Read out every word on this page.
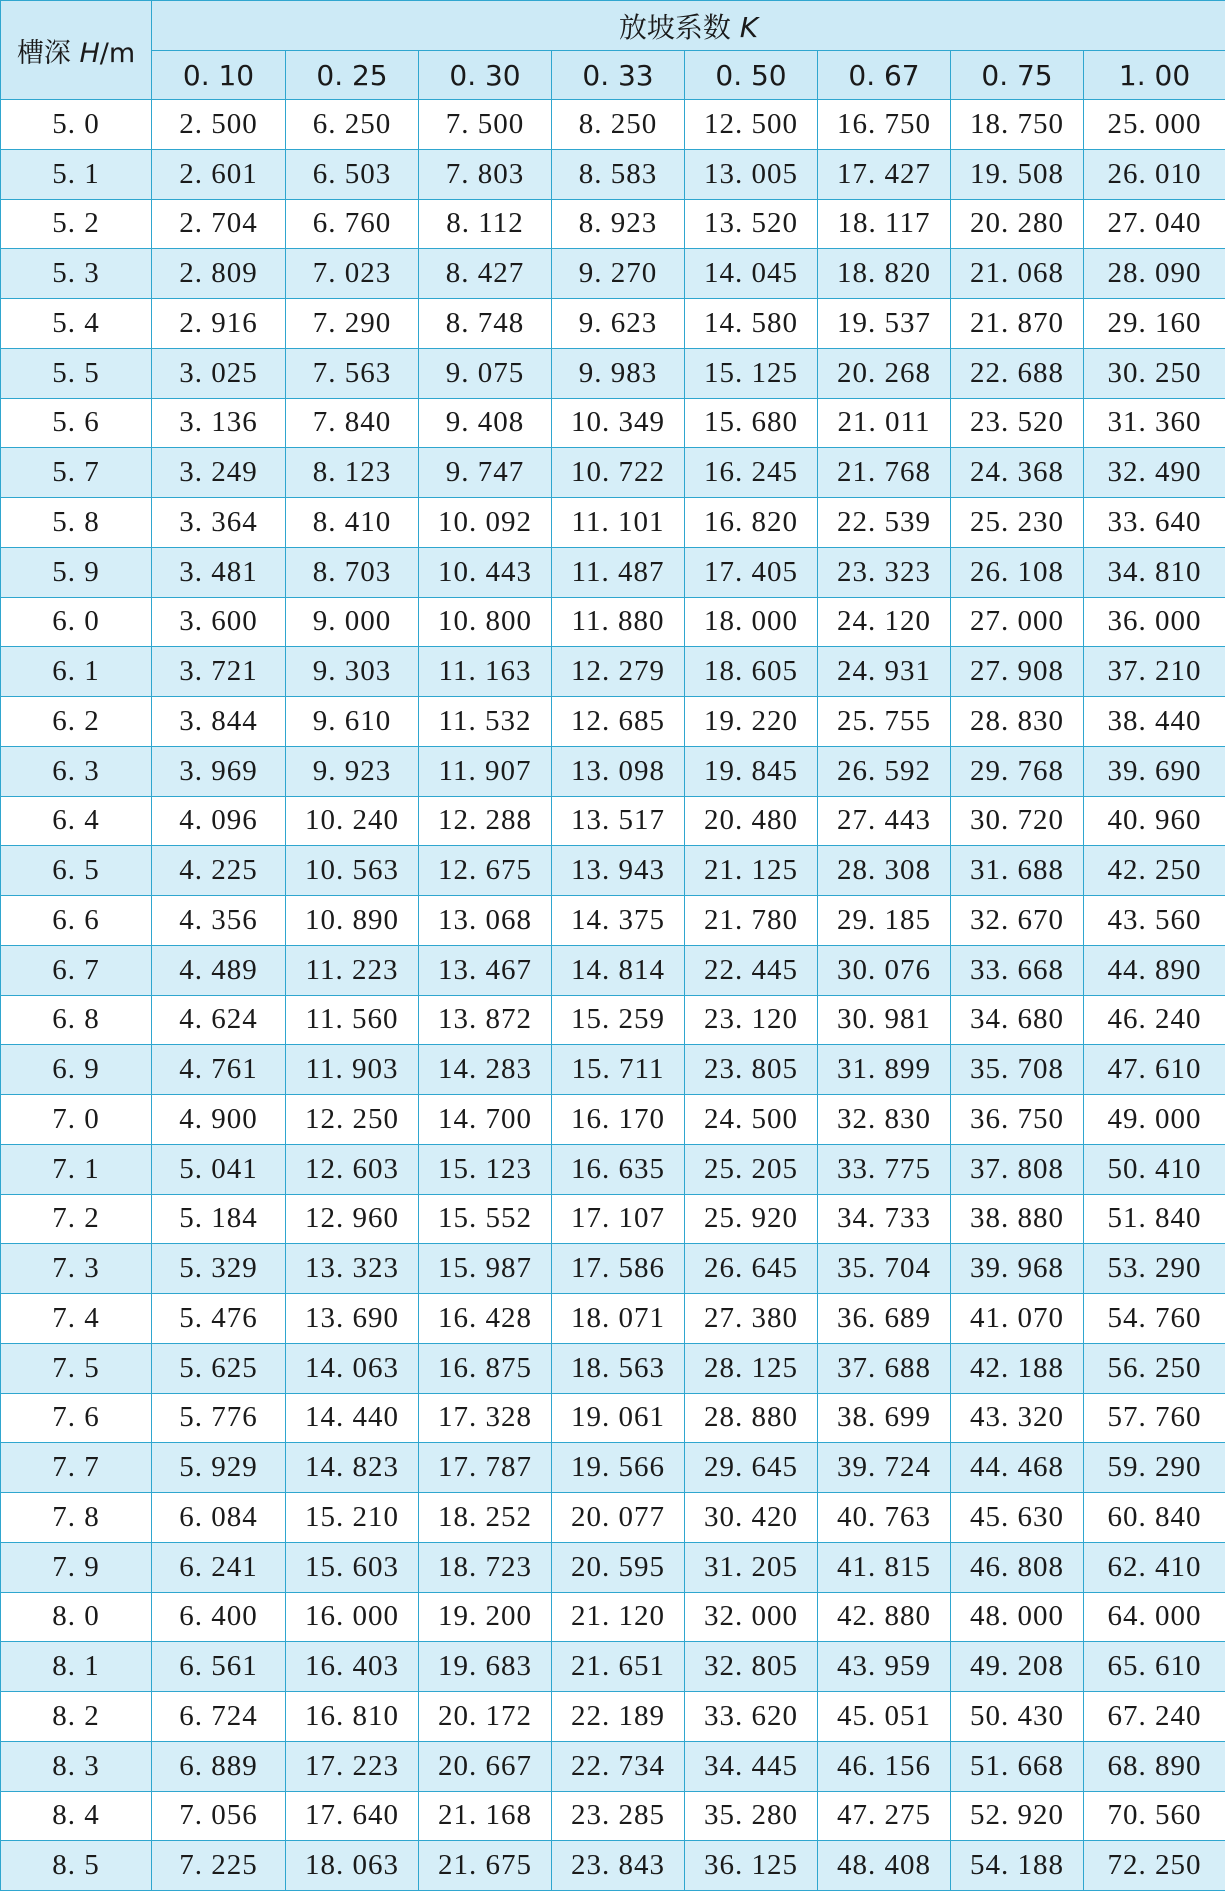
槽深 H/m	放坡系数 K							
	0. 10	0. 25	0. 30	0. 33	0. 50	0. 67	0. 75	1. 00
5. 0	2. 500	6. 250	7. 500	8. 250	12. 500	16. 750	18. 750	25. 000
5. 1	2. 601	6. 503	7. 803	8. 583	13. 005	17. 427	19. 508	26. 010
5. 2	2. 704	6. 760	8. 112	8. 923	13. 520	18. 117	20. 280	27. 040
5. 3	2. 809	7. 023	8. 427	9. 270	14. 045	18. 820	21. 068	28. 090
5. 4	2. 916	7. 290	8. 748	9. 623	14. 580	19. 537	21. 870	29. 160
5. 5	3. 025	7. 563	9. 075	9. 983	15. 125	20. 268	22. 688	30. 250
5. 6	3. 136	7. 840	9. 408	10. 349	15. 680	21. 011	23. 520	31. 360
5. 7	3. 249	8. 123	9. 747	10. 722	16. 245	21. 768	24. 368	32. 490
5. 8	3. 364	8. 410	10. 092	11. 101	16. 820	22. 539	25. 230	33. 640
5. 9	3. 481	8. 703	10. 443	11. 487	17. 405	23. 323	26. 108	34. 810
6. 0	3. 600	9. 000	10. 800	11. 880	18. 000	24. 120	27. 000	36. 000
6. 1	3. 721	9. 303	11. 163	12. 279	18. 605	24. 931	27. 908	37. 210
6. 2	3. 844	9. 610	11. 532	12. 685	19. 220	25. 755	28. 830	38. 440
6. 3	3. 969	9. 923	11. 907	13. 098	19. 845	26. 592	29. 768	39. 690
6. 4	4. 096	10. 240	12. 288	13. 517	20. 480	27. 443	30. 720	40. 960
6. 5	4. 225	10. 563	12. 675	13. 943	21. 125	28. 308	31. 688	42. 250
6. 6	4. 356	10. 890	13. 068	14. 375	21. 780	29. 185	32. 670	43. 560
6. 7	4. 489	11. 223	13. 467	14. 814	22. 445	30. 076	33. 668	44. 890
6. 8	4. 624	11. 560	13. 872	15. 259	23. 120	30. 981	34. 680	46. 240
6. 9	4. 761	11. 903	14. 283	15. 711	23. 805	31. 899	35. 708	47. 610
7. 0	4. 900	12. 250	14. 700	16. 170	24. 500	32. 830	36. 750	49. 000
7. 1	5. 041	12. 603	15. 123	16. 635	25. 205	33. 775	37. 808	50. 410
7. 2	5. 184	12. 960	15. 552	17. 107	25. 920	34. 733	38. 880	51. 840
7. 3	5. 329	13. 323	15. 987	17. 586	26. 645	35. 704	39. 968	53. 290
7. 4	5. 476	13. 690	16. 428	18. 071	27. 380	36. 689	41. 070	54. 760
7. 5	5. 625	14. 063	16. 875	18. 563	28. 125	37. 688	42. 188	56. 250
7. 6	5. 776	14. 440	17. 328	19. 061	28. 880	38. 699	43. 320	57. 760
7. 7	5. 929	14. 823	17. 787	19. 566	29. 645	39. 724	44. 468	59. 290
7. 8	6. 084	15. 210	18. 252	20. 077	30. 420	40. 763	45. 630	60. 840
7. 9	6. 241	15. 603	18. 723	20. 595	31. 205	41. 815	46. 808	62. 410
8. 0	6. 400	16. 000	19. 200	21. 120	32. 000	42. 880	48. 000	64. 000
8. 1	6. 561	16. 403	19. 683	21. 651	32. 805	43. 959	49. 208	65. 610
8. 2	6. 724	16. 810	20. 172	22. 189	33. 620	45. 051	50. 430	67. 240
8. 3	6. 889	17. 223	20. 667	22. 734	34. 445	46. 156	51. 668	68. 890
8. 4	7. 056	17. 640	21. 168	23. 285	35. 280	47. 275	52. 920	70. 560
8. 5	7. 225	18. 063	21. 675	23. 843	36. 125	48. 408	54. 188	72. 250
